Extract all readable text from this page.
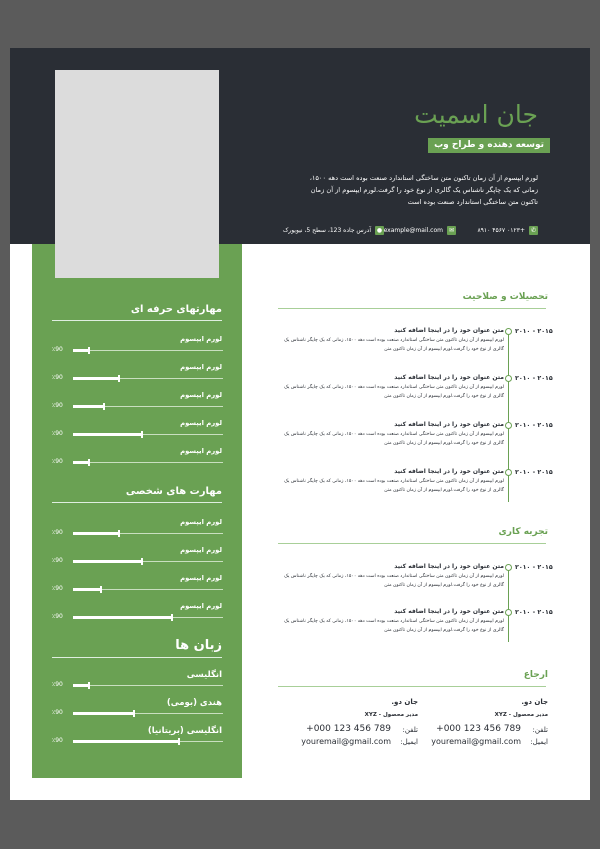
جان اسمیت
توسعه دهنده و طراح وب
لورم ایپسوم از آن زمان تاکنون متن ساختگی استاندارد صنعت بوده است دهه ۱۵۰۰، زمانی که یک چاپگر ناشناس یک گالری از نوع خود را گرفت.لورم ایپسوم از آن زمان تاکنون متن ساختگی استاندارد صنعت بوده است
✆
+۰۱۲۳ ۴۵۶۷ ۸۹۱۰
✉
example@mail.com
●
آدرس جاده 123، سطح 5، نیویورک
مهارتهای حرفه ای
لورم ایپسوم
٪90
لورم ایپسوم
٪90
لورم ایپسوم
٪90
لورم ایپسوم
٪90
لورم ایپسوم
٪90
مهارت های شخصی
لورم ایپسوم
٪90
لورم ایپسوم
٪90
لورم ایپسوم
٪90
لورم ایپسوم
٪90
زبان ها
انگلیسی
٪90
هندی (بومی)
٪90
انگلیسی (بریتانیا)
٪90
تحصیلات و صلاحیت
۲۰۱۰ - ۲۰۱۵
متن عنوان خود را در اینجا اضافه کنید
لورم ایپسوم از آن زمان تاکنون متن ساختگی استاندارد صنعت بوده است دهه ۱۵۰۰، زمانی که یک چاپگر ناشناس یک گالری از نوع خود را گرفت.لورم ایپسوم از آن زمان تاکنون متن
۲۰۱۰ - ۲۰۱۵
متن عنوان خود را در اینجا اضافه کنید
لورم ایپسوم از آن زمان تاکنون متن ساختگی استاندارد صنعت بوده است دهه ۱۵۰۰، زمانی که یک چاپگر ناشناس یک گالری از نوع خود را گرفت.لورم ایپسوم از آن زمان تاکنون متن
۲۰۱۰ - ۲۰۱۵
متن عنوان خود را در اینجا اضافه کنید
لورم ایپسوم از آن زمان تاکنون متن ساختگی استاندارد صنعت بوده است دهه ۱۵۰۰، زمانی که یک چاپگر ناشناس یک گالری از نوع خود را گرفت.لورم ایپسوم از آن زمان تاکنون متن
۲۰۱۰ - ۲۰۱۵
متن عنوان خود را در اینجا اضافه کنید
لورم ایپسوم از آن زمان تاکنون متن ساختگی استاندارد صنعت بوده است دهه ۱۵۰۰، زمانی که یک چاپگر ناشناس یک گالری از نوع خود را گرفت.لورم ایپسوم از آن زمان تاکنون متن
تجربه کاری
۲۰۱۰ - ۲۰۱۵
متن عنوان خود را در اینجا اضافه کنید
لورم ایپسوم از آن زمان تاکنون متن ساختگی استاندارد صنعت بوده است دهه ۱۵۰۰، زمانی که یک چاپگر ناشناس یک گالری از نوع خود را گرفت.لورم ایپسوم از آن زمان تاکنون متن
۲۰۱۰ - ۲۰۱۵
متن عنوان خود را در اینجا اضافه کنید
لورم ایپسوم از آن زمان تاکنون متن ساختگی استاندارد صنعت بوده است دهه ۱۵۰۰، زمانی که یک چاپگر ناشناس یک گالری از نوع خود را گرفت.لورم ایپسوم از آن زمان تاکنون متن
ارجاع
جان دو.
مدیر محصول - XYZ
تلفن:
+000 123 456 789
ایمیل:
youremail@gmail.com
جان دو.
مدیر محصول - XYZ
تلفن:
+000 123 456 789
ایمیل:
youremail@gmail.com
